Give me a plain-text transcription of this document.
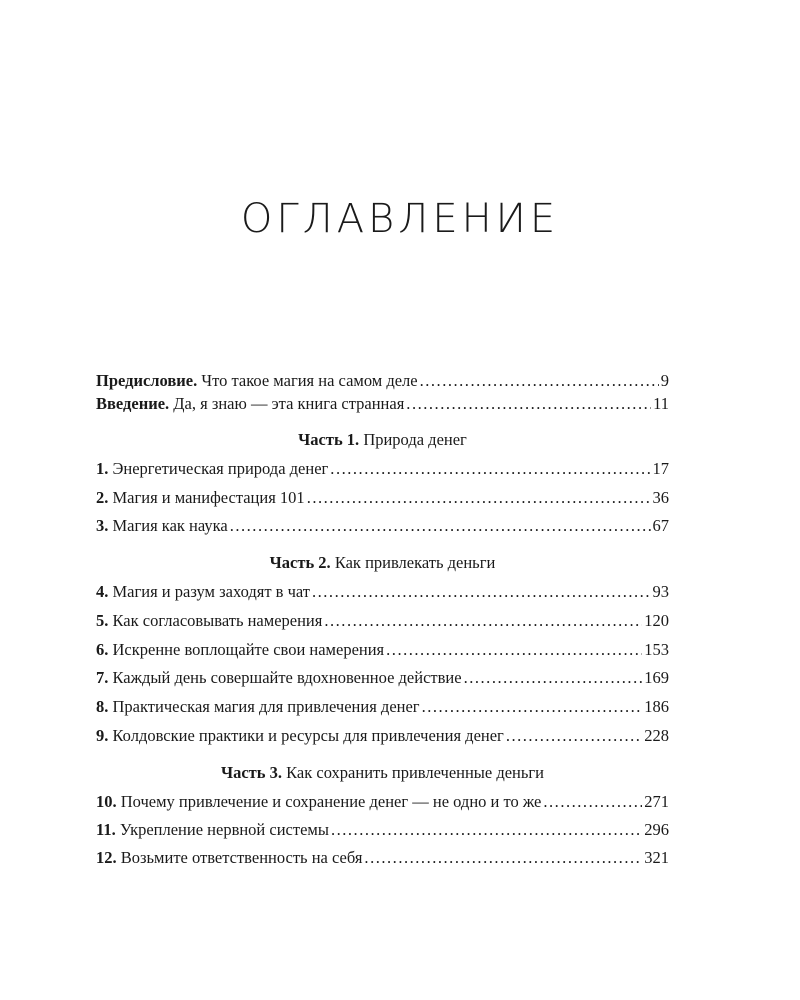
ОГЛАВЛЕНИЕ
Предисловие. Что такое магия на самом деле . . .	9
Введение. Да, я знаю — эта книга странная . . .	11
Часть 1. Природа денег
1. Энергетическая природа денег . . .	17
2. Магия и манифестация 101 . . .	36
3. Магия как наука . . .	67
Часть 2. Как привлекать деньги
4. Магия и разум заходят в чат . . .	93
5. Как согласовывать намерения . . .	120
6. Искренне воплощайте свои намерения . . .	153
7. Каждый день совершайте вдохновенное действие . . .	169
8. Практическая магия для привлечения денег . . .	186
9. Колдовские практики и ресурсы для привлечения денег . . .	228
Часть 3. Как сохранить привлеченные деньги
10. Почему привлечение и сохранение денег — не одно и то же . . .	271
11. Укрепление нервной системы . . .	296
12. Возьмите ответственность на себя . . .	321
